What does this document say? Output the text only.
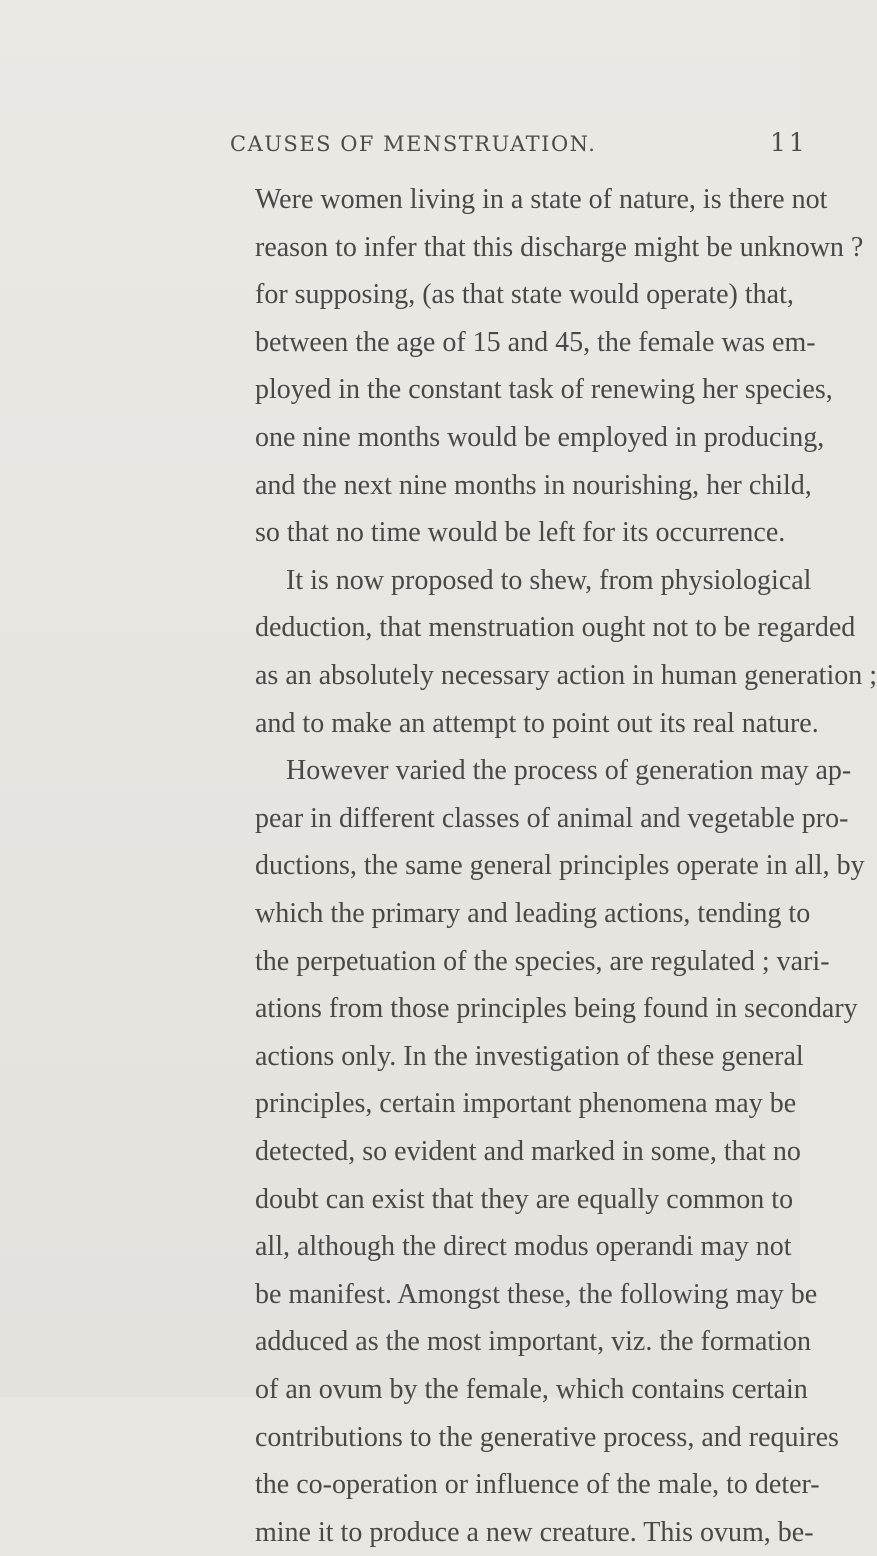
CAUSES OF MENSTRUATION.	11
Were women living in a state of nature, is there not
reason to infer that this discharge might be unknown ?
for supposing, (as that state would operate) that,
between the age of 15 and 45, the female was em-
ployed in the constant task of renewing her species,
one nine months would be employed in producing,
and the next nine months in nourishing, her child,
so that no time would be left for its occurrence.
It is now proposed to shew, from physiological
deduction, that menstruation ought not to be regarded
as an absolutely necessary action in human generation ;
and to make an attempt to point out its real nature.
However varied the process of generation may ap-
pear in different classes of animal and vegetable pro-
ductions, the same general principles operate in all, by
which the primary and leading actions, tending to
the perpetuation of the species, are regulated ; vari-
ations from those principles being found in secondary
actions only. In the investigation of these general
principles, certain important phenomena may be
detected, so evident and marked in some, that no
doubt can exist that they are equally common to
all, although the direct modus operandi may not
be manifest. Amongst these, the following may be
adduced as the most important, viz. the formation
of an ovum by the female, which contains certain
contributions to the generative process, and requires
the co-operation or influence of the male, to deter-
mine it to produce a new creature. This ovum, be-
